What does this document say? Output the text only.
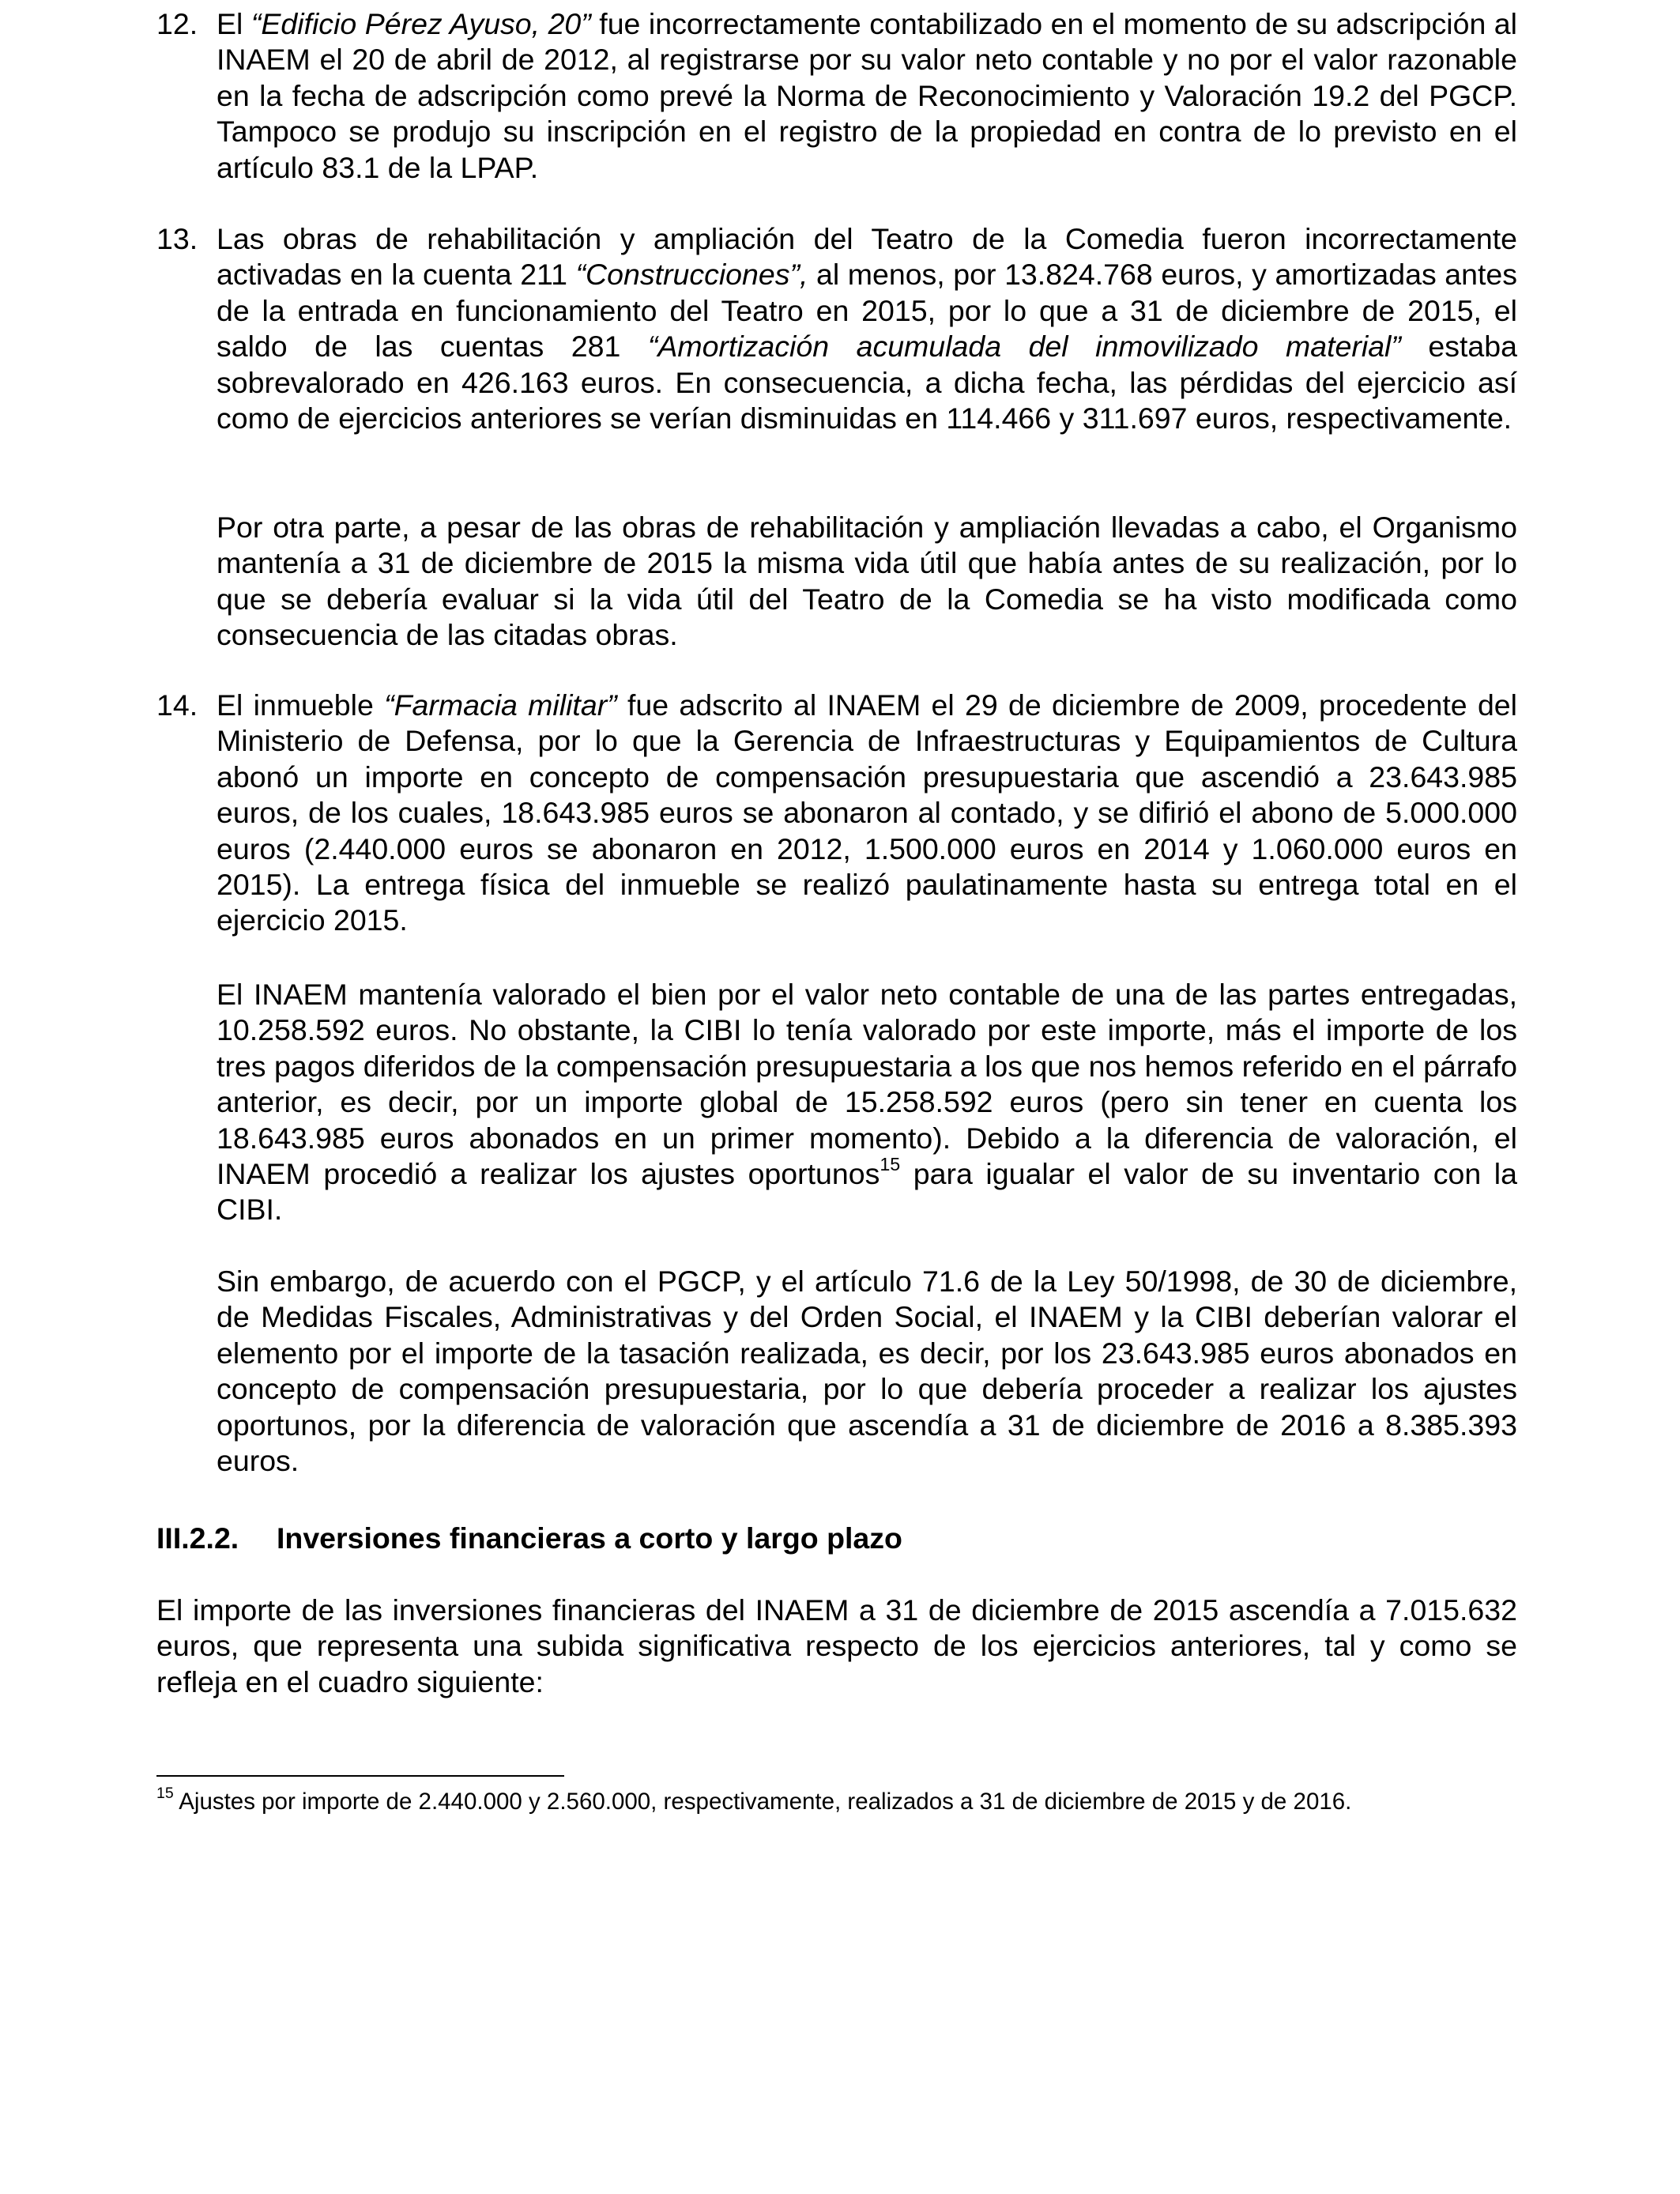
12. El “Edificio Pérez Ayuso, 20” fue incorrectamente contabilizado en el momento de su adscripción al INAEM el 20 de abril de 2012, al registrarse por su valor neto contable y no por el valor razonable en la fecha de adscripción como prevé la Norma de Reconocimiento y Valoración 19.2 del PGCP. Tampoco se produjo su inscripción en el registro de la propiedad en contra de lo previsto en el artículo 83.1 de la LPAP.

13. Las obras de rehabilitación y ampliación del Teatro de la Comedia fueron incorrectamente activadas en la cuenta 211 “Construcciones”, al menos, por 13.824.768 euros, y amortizadas antes de la entrada en funcionamiento del Teatro en 2015, por lo que a 31 de diciembre de 2015, el saldo de las cuentas 281 “Amortización acumulada del inmovilizado material” estaba sobrevalorado en 426.163 euros. En consecuencia, a dicha fecha, las pérdidas del ejercicio así como de ejercicios anteriores se verían disminuidas en 114.466 y 311.697 euros, respectivamente.

Por otra parte, a pesar de las obras de rehabilitación y ampliación llevadas a cabo, el Organismo mantenía a 31 de diciembre de 2015 la misma vida útil que había antes de su realización, por lo que se debería evaluar si la vida útil del Teatro de la Comedia se ha visto modificada como consecuencia de las citadas obras.

14. El inmueble “Farmacia militar” fue adscrito al INAEM el 29 de diciembre de 2009, procedente del Ministerio de Defensa, por lo que la Gerencia de Infraestructuras y Equipamientos de Cultura abonó un importe en concepto de compensación presupuestaria que ascendió a 23.643.985 euros, de los cuales, 18.643.985 euros se abonaron al contado, y se difirió el abono de 5.000.000 euros (2.440.000 euros se abonaron en 2012, 1.500.000 euros en 2014 y 1.060.000 euros en 2015). La entrega física del inmueble se realizó paulatinamente hasta su entrega total en el ejercicio 2015.

El INAEM mantenía valorado el bien por el valor neto contable de una de las partes entregadas, 10.258.592 euros. No obstante, la CIBI lo tenía valorado por este importe, más el importe de los tres pagos diferidos de la compensación presupuestaria a los que nos hemos referido en el párrafo anterior, es decir, por un importe global de 15.258.592 euros (pero sin tener en cuenta los 18.643.985 euros abonados en un primer momento). Debido a la diferencia de valoración, el INAEM procedió a realizar los ajustes oportunos$^{15}$ para igualar el valor de su inventario con la CIBI.

Sin embargo, de acuerdo con el PGCP, y el artículo 71.6 de la Ley 50/1998, de 30 de diciembre, de Medidas Fiscales, Administrativas y del Orden Social, el INAEM y la CIBI deberían valorar el elemento por el importe de la tasación realizada, es decir, por los 23.643.985 euros abonados en concepto de compensación presupuestaria, por lo que debería proceder a realizar los ajustes oportunos, por la diferencia de valoración que ascendía a 31 de diciembre de 2016 a 8.385.393 euros.

III.2.2. Inversiones financieras a corto y largo plazo

El importe de las inversiones financieras del INAEM a 31 de diciembre de 2015 ascendía a 7.015.632 euros, que representa una subida significativa respecto de los ejercicios anteriores, tal y como se refleja en el cuadro siguiente:

$^{15}$ Ajustes por importe de 2.440.000 y 2.560.000, respectivamente, realizados a 31 de diciembre de 2015 y de 2016.
